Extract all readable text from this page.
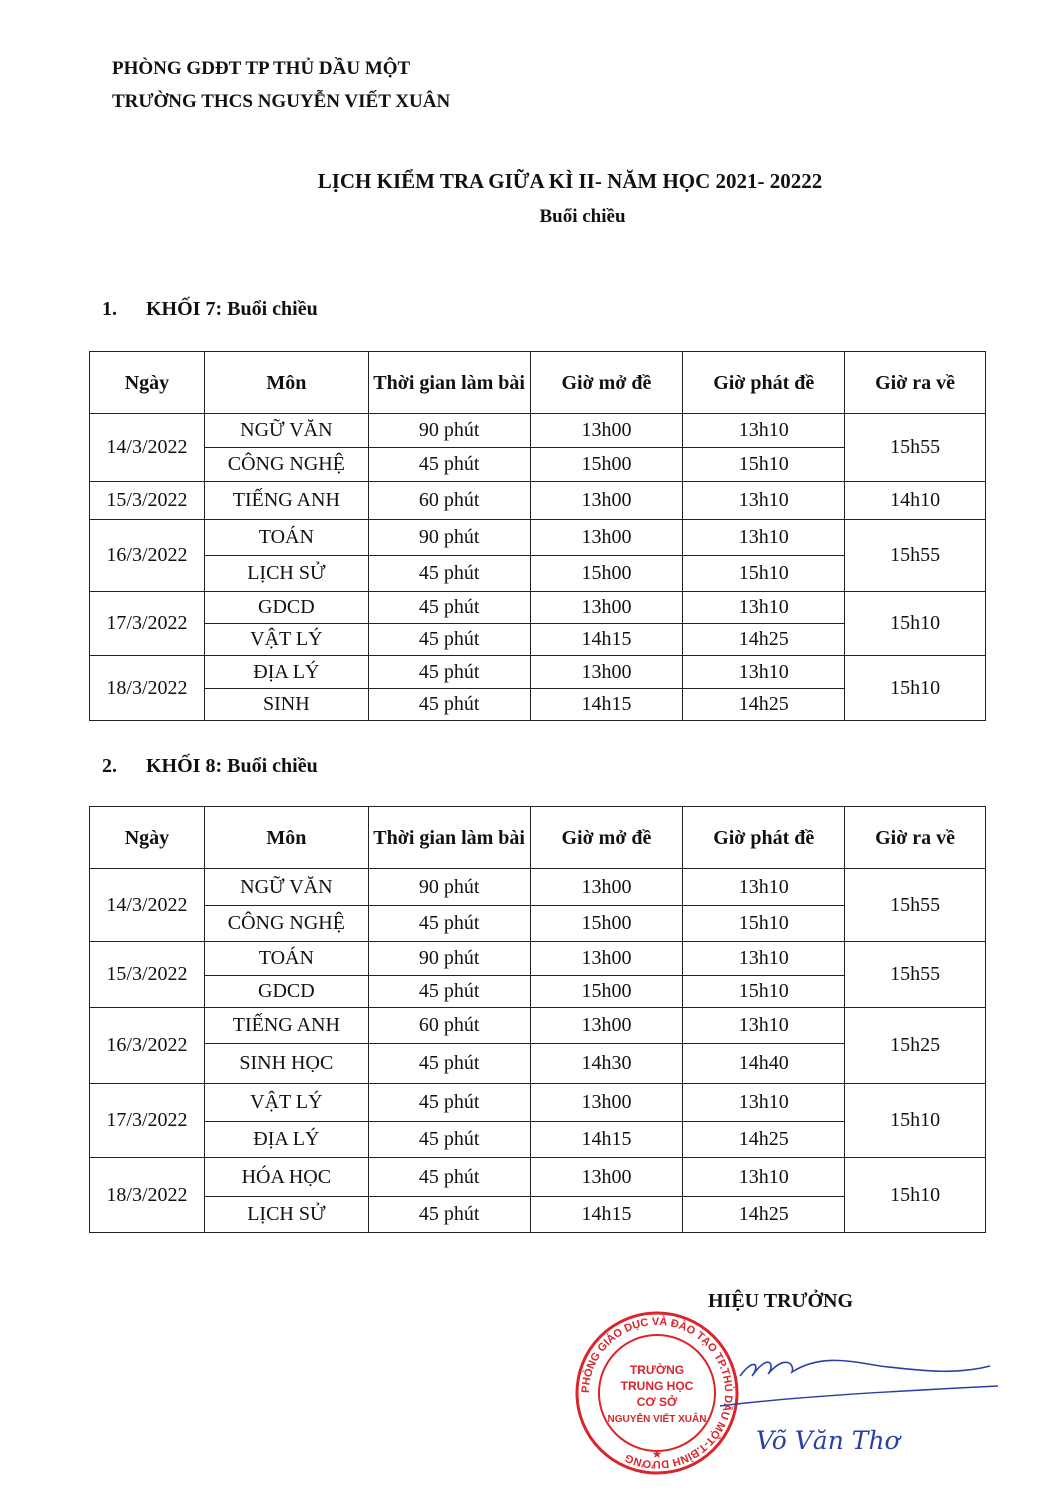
PHÒNG GDĐT TP THỦ DẦU MỘT
TRƯỜNG THCS NGUYỄN VIẾT XUÂN
LỊCH KIỂM TRA GIỮA KÌ II- NĂM HỌC 2021- 20222
Buổi chiều
1. KHỐI 7: Buổi chiều
Ngày	Môn	Thời gian làm bài	Giờ mở đề	Giờ phát đề	Giờ ra về
14/3/2022	NGỮ VĂN	90 phút	13h00	13h10	15h55
	CÔNG NGHỆ	45 phút	15h00	15h10	
15/3/2022	TIẾNG ANH	60 phút	13h00	13h10	14h10
16/3/2022	TOÁN	90 phút	13h00	13h10	15h55
	LỊCH SỬ	45 phút	15h00	15h10	
17/3/2022	GDCD	45 phút	13h00	13h10	15h10
	VẬT LÝ	45 phút	14h15	14h25	
18/3/2022	ĐỊA LÝ	45 phút	13h00	13h10	15h10
	SINH	45 phút	14h15	14h25	
2. KHỐI 8: Buổi chiều
Ngày	Môn	Thời gian làm bài	Giờ mở đề	Giờ phát đề	Giờ ra về
14/3/2022	NGỮ VĂN	90 phút	13h00	13h10	15h55
	CÔNG NGHỆ	45 phút	15h00	15h10	
15/3/2022	TOÁN	90 phút	13h00	13h10	15h55
	GDCD	45 phút	15h00	15h10	
16/3/2022	TIẾNG ANH	60 phút	13h00	13h10	15h25
	SINH HỌC	45 phút	14h30	14h40	
17/3/2022	VẬT LÝ	45 phút	13h00	13h10	15h10
	ĐỊA LÝ	45 phút	14h15	14h25	
18/3/2022	HÓA HỌC	45 phút	13h00	13h10	15h10
	LỊCH SỬ	45 phút	14h15	14h25	
HIỆU TRƯỞNG
PHÒNG GIÁO DỤC VÀ ĐÀO TẠO TP.THỦ DẦU MỘT-T.BÌNH DƯƠNG
TRƯỜNG
TRUNG HỌC
CƠ SỞ
NGUYỄN VIẾT XUÂN
★	Võ Văn Thơ
